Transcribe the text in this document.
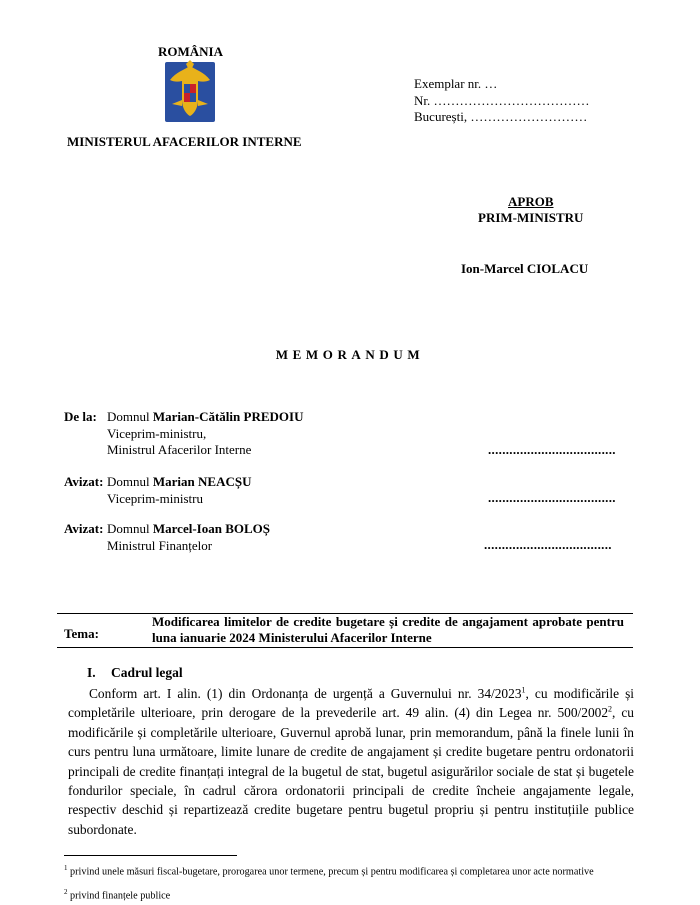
ROMÂNIA
MINISTERUL AFACERILOR INTERNE
Exemplar nr. …
Nr. ………………………………
București, ………………………
APROB
PRIM-MINISTRU
Ion-Marcel CIOLACU
MEMORANDUM
De la: Domnul Marian-Cătălin PREDOIU
Viceprim-ministru,
Ministrul Afacerilor Interne	....................................
Avizat: Domnul Marian NEACȘU
Viceprim-ministru	....................................
Avizat: Domnul Marcel-Ioan BOLOȘ
Ministrul Finanțelor	....................................
Tema:
Modificarea limitelor de credite bugetare și credite de angajament aprobate pentru luna ianuarie 2024 Ministerului Afacerilor Interne
I. Cadrul legal
Conform art. I alin. (1) din Ordonanța de urgență a Guvernului nr. 34/2023$^1$, cu modificările și completările ulterioare, prin derogare de la prevederile art. 49 alin. (4) din Legea nr. 500/2002$^2$, cu modificările și completările ulterioare, Guvernul aprobă lunar, prin memorandum, până la finele lunii în curs pentru luna următoare, limite lunare de credite de angajament și credite bugetare pentru ordonatorii principali de credite finanțați integral de la bugetul de stat, bugetul asigurărilor sociale de stat și bugetele fondurilor speciale, în cadrul cărora ordonatorii principali de credite încheie angajamente legale, respectiv deschid și repartizează credite bugetare pentru bugetul propriu și pentru instituțiile publice subordonate.
$^1$ privind unele măsuri fiscal-bugetare, prorogarea unor termene, precum și pentru modificarea și completarea unor acte normative
$^2$ privind finanțele publice
